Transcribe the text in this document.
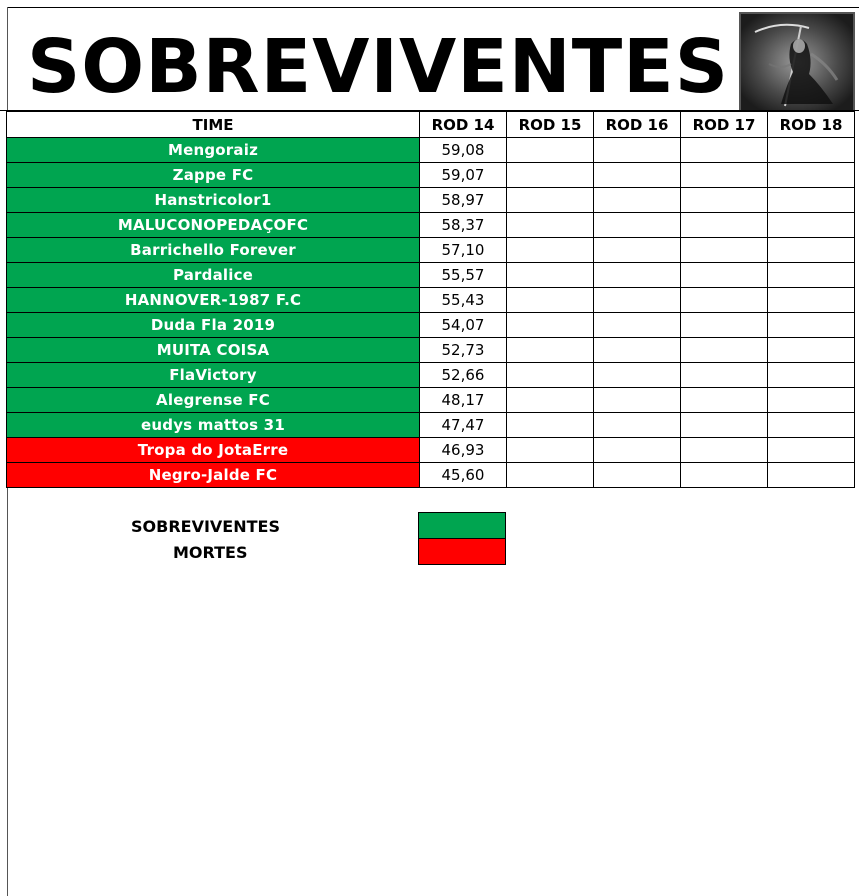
SOBREVIVENTES
TIME	ROD 14	ROD 15	ROD 16	ROD 17	ROD 18
Mengoraiz	59,08				
Zappe FC	59,07				
Hanstricolor1	58,97				
MALUCONOPEDAÇOFC	58,37				
Barrichello Forever	57,10				
Pardalice	55,57				
HANNOVER-1987 F.C	55,43				
Duda Fla 2019	54,07				
MUITA COISA	52,73				
FlaVictory	52,66				
Alegrense FC	48,17				
eudys mattos 31	47,47				
Tropa do JotaErre	46,93				
Negro-Jalde FC	45,60				
SOBREVIVENTES
MORTES
